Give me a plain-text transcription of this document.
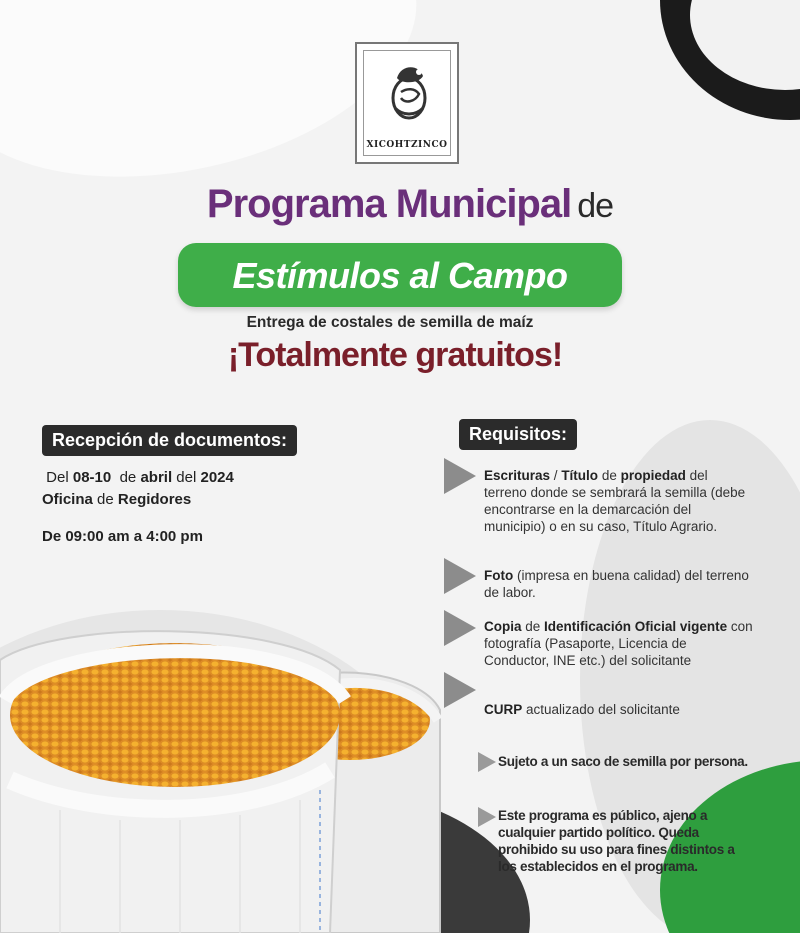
XICOHTZINCO
Programa Municipal de
Estímulos al Campo
Entrega de costales de semilla de maíz
¡Totalmente gratuitos!
Recepción de documentos:
Del 08-10 de abril del 2024
Oficina de Regidores
De 09:00 am a 4:00 pm
Requisitos:
Escrituras / Título de propiedad del terreno donde se sembrará la semilla (debe encontrarse en la demarcación del municipio) o en su caso, Título Agrario.
Foto (impresa en buena calidad) del terreno de labor.
Copia de Identificación Oficial vigente con fotografía (Pasaporte, Licencia de Conductor, INE etc.) del solicitante
CURP actualizado del solicitante
Sujeto a un saco de semilla por persona.
Este programa es público, ajeno a cualquier partido político. Queda prohibido su uso para fines distintos a los establecidos en el programa.
